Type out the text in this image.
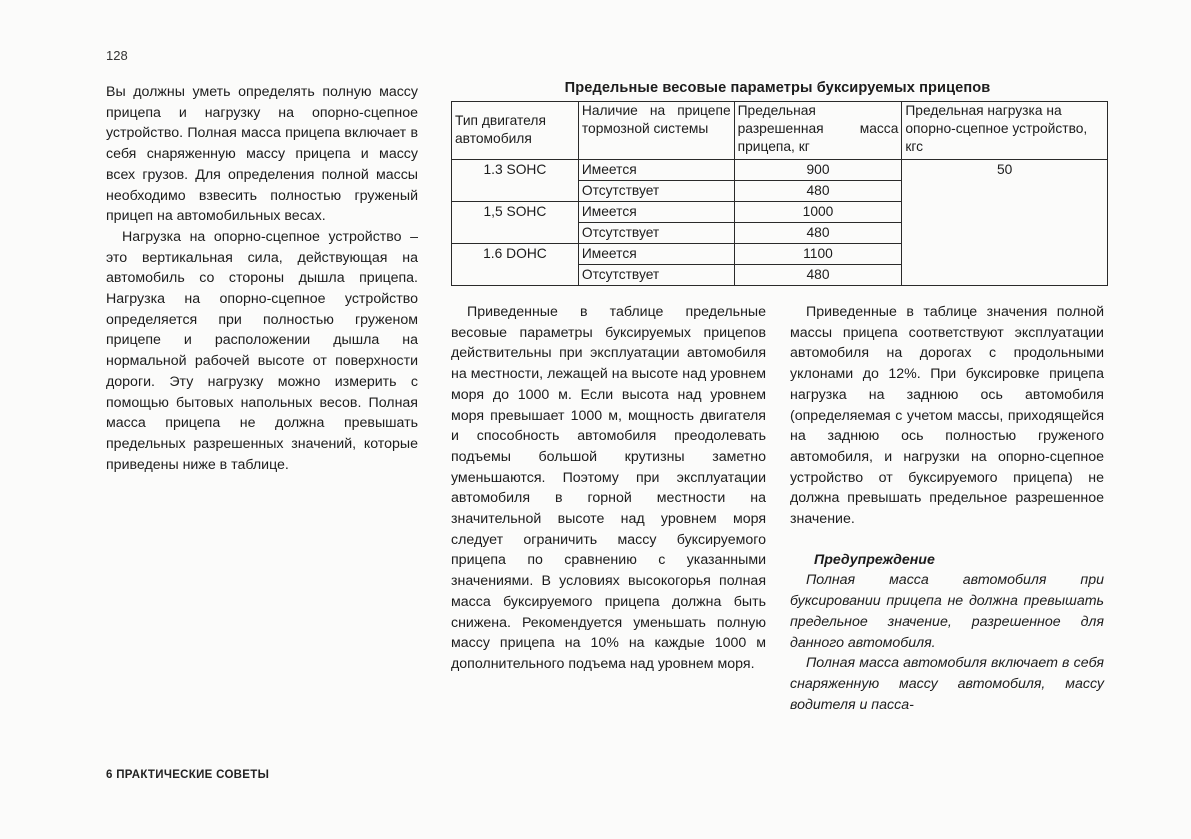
128

Вы должны уметь определять полную массу прицепа и нагрузку на опорно-сцепное устройство. Полная масса прицепа включает в себя снаряженную массу прицепа и массу всех грузов. Для определения полной массы необходимо взвесить полностью груженый прицеп на автомобильных весах.

Нагрузка на опорно-сцепное устройство – это вертикальная сила, действующая на автомобиль со стороны дышла прицепа. Нагрузка на опорно-сцепное устройство определяется при полностью груженом прицепе и расположении дышла на нормальной рабочей высоте от поверхности дороги. Эту нагрузку можно измерить с помощью бытовых напольных весов. Полная масса прицепа не должна превышать предельных разрешенных значений, которые приведены ниже в таблице.

Предельные весовые параметры буксируемых прицепов
Тип двигателя автомобиля	Наличие на прицепе тормозной системы	Предельная разрешенная масса прицепа, кг	Предельная нагрузка на опорно-сцепное устройство, кгс
1.3 SOHC	Имеется	900	50
	Отсутствует	480	
1,5 SOHC	Имеется	1000	
	Отсутствует	480	
1.6 DOHC	Имеется	1100	
	Отсутствует	480	

Приведенные в таблице предельные весовые параметры буксируемых прицепов действительны при эксплуатации автомобиля на местности, лежащей на высоте над уровнем моря до 1000 м. Если высота над уровнем моря превышает 1000 м, мощность двигателя и способность автомобиля преодолевать подъемы большой крутизны заметно уменьшаются. Поэтому при эксплуатации автомобиля в горной местности на значительной высоте над уровнем моря следует ограничить массу буксируемого прицепа по сравнению с указанными значениями. В условиях высокогорья полная масса буксируемого прицепа должна быть снижена. Рекомендуется уменьшать полную массу прицепа на 10% на каждые 1000 м дополнительного подъема над уровнем моря.

Приведенные в таблице значения полной массы прицепа соответствуют эксплуатации автомобиля на дорогах с продольными уклонами до 12%. При буксировке прицепа нагрузка на заднюю ось автомобиля (определяемая с учетом массы, приходящейся на заднюю ось полностью груженого автомобиля, и нагрузки на опорно-сцепное устройство от буксируемого прицепа) не должна превышать предельное разрешенное значение.

Предупреждение

Полная масса автомобиля при буксировании прицепа не должна превышать предельное значение, разрешенное для данного автомобиля.

Полная масса автомобиля включает в себя снаряженную массу автомобиля, массу водителя и пасса-

6 ПРАКТИЧЕСКИЕ СОВЕТЫ
